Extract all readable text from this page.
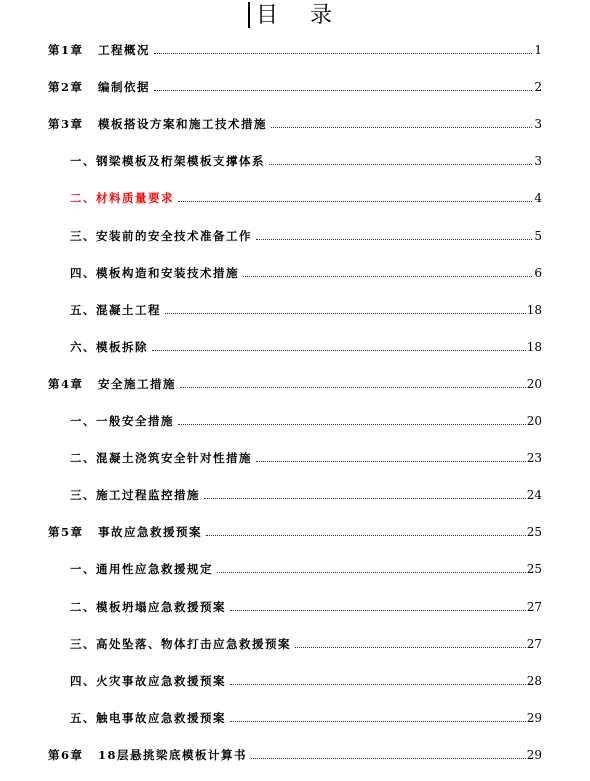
目 录
第1章 工程概况	1
第2章 编制依据	2
第3章 模板搭设方案和施工技术措施	3
一、钢梁模板及桁架模板支撑体系	3
二、材料质量要求	4
三、安装前的安全技术准备工作	5
四、模板构造和安装技术措施	6
五、混凝土工程	18
六、模板拆除	18
第4章 安全施工措施	20
一、一般安全措施	20
二、混凝土浇筑安全针对性措施	23
三、施工过程监控措施	24
第5章 事故应急救援预案	25
一、通用性应急救援规定	25
二、模板坍塌应急救援预案	27
三、高处坠落、物体打击应急救援预案	27
四、火灾事故应急救援预案	28
五、触电事故应急救援预案	29
第6章 18层悬挑梁底模板计算书	29
